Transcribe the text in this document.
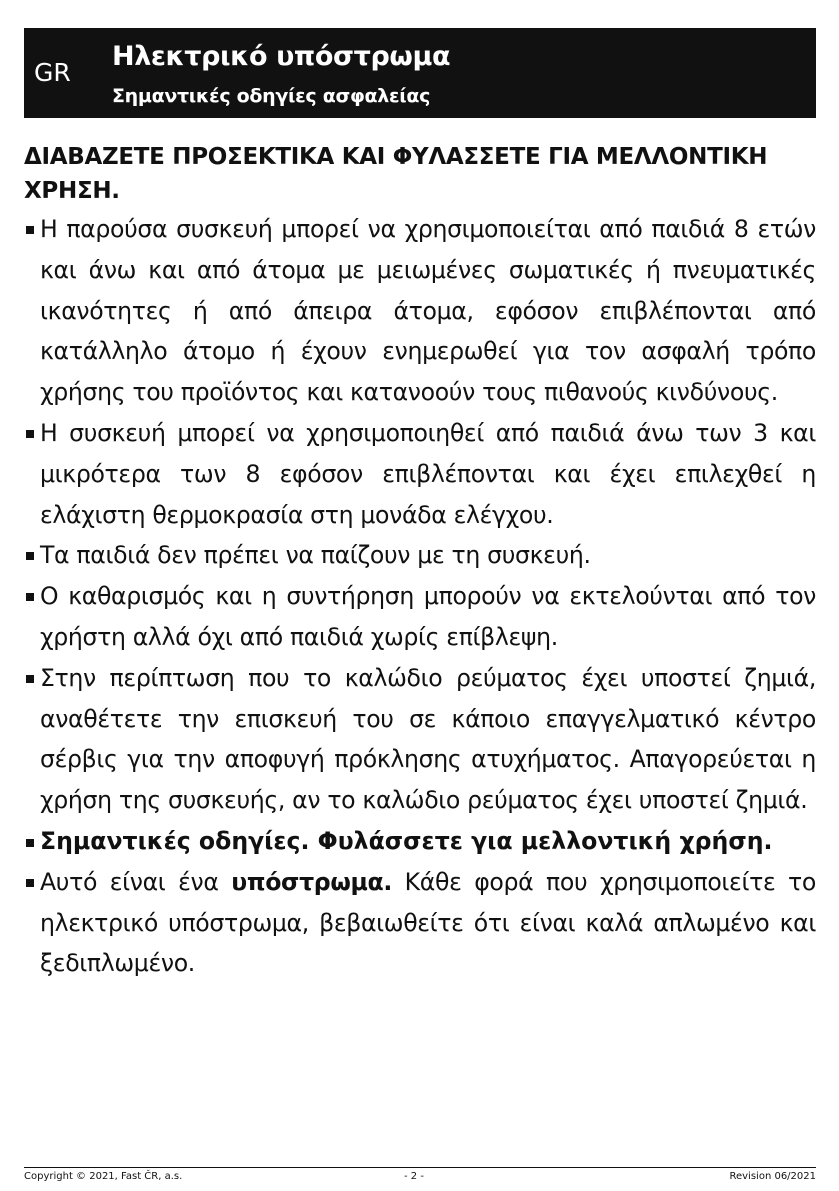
GR
Ηλεκτρικό υπόστρωμα
Σημαντικές οδηγίες ασφαλείας
ΔΙΑΒΑΖΕΤΕ ΠΡΟΣΕΚΤΙΚΑ ΚΑΙ ΦΥΛΑΣΣΕΤΕ ΓΙΑ ΜΕΛΛΟΝΤΙΚΗ ΧΡΗΣΗ.
Η παρούσα συσκευή μπορεί να χρησιμοποιείται από παιδιά 8 ετών και άνω και από άτομα με μειωμένες σωματικές ή πνευματικές ικανότητες ή από άπειρα άτομα, εφόσον επιβλέπονται από κατάλληλο άτομο ή έχουν ενημερωθεί για τον ασφαλή τρόπο χρήσης του προϊόντος και κατανοούν τους πιθανούς κινδύνους.
Η συσκευή μπορεί να χρησιμοποιηθεί από παιδιά άνω των 3 και μικρότερα των 8 εφόσον επιβλέπονται και έχει επιλεχθεί η ελάχιστη θερμοκρασία στη μονάδα ελέγχου.
Τα παιδιά δεν πρέπει να παίζουν με τη συσκευή.
Ο καθαρισμός και η συντήρηση μπορούν να εκτελούνται από τον χρήστη αλλά όχι από παιδιά χωρίς επίβλεψη.
Στην περίπτωση που το καλώδιο ρεύματος έχει υποστεί ζημιά, αναθέτετε την επισκευή του σε κάποιο επαγγελματικό κέντρο σέρβις για την αποφυγή πρόκλησης ατυχήματος. Απαγορεύεται η χρήση της συσκευής, αν το καλώδιο ρεύματος έχει υποστεί ζημιά.
Σημαντικές οδηγίες. Φυλάσσετε για μελλοντική χρήση.
Αυτό είναι ένα υπόστρωμα. Κάθε φορά που χρησιμοποιείτε το ηλεκτρικό υπόστρωμα, βεβαιωθείτε ότι είναι καλά απλωμένο και ξεδιπλωμένο.
Copyright © 2021, Fast ČR, a.s.	- 2 -	Revision 06/2021
